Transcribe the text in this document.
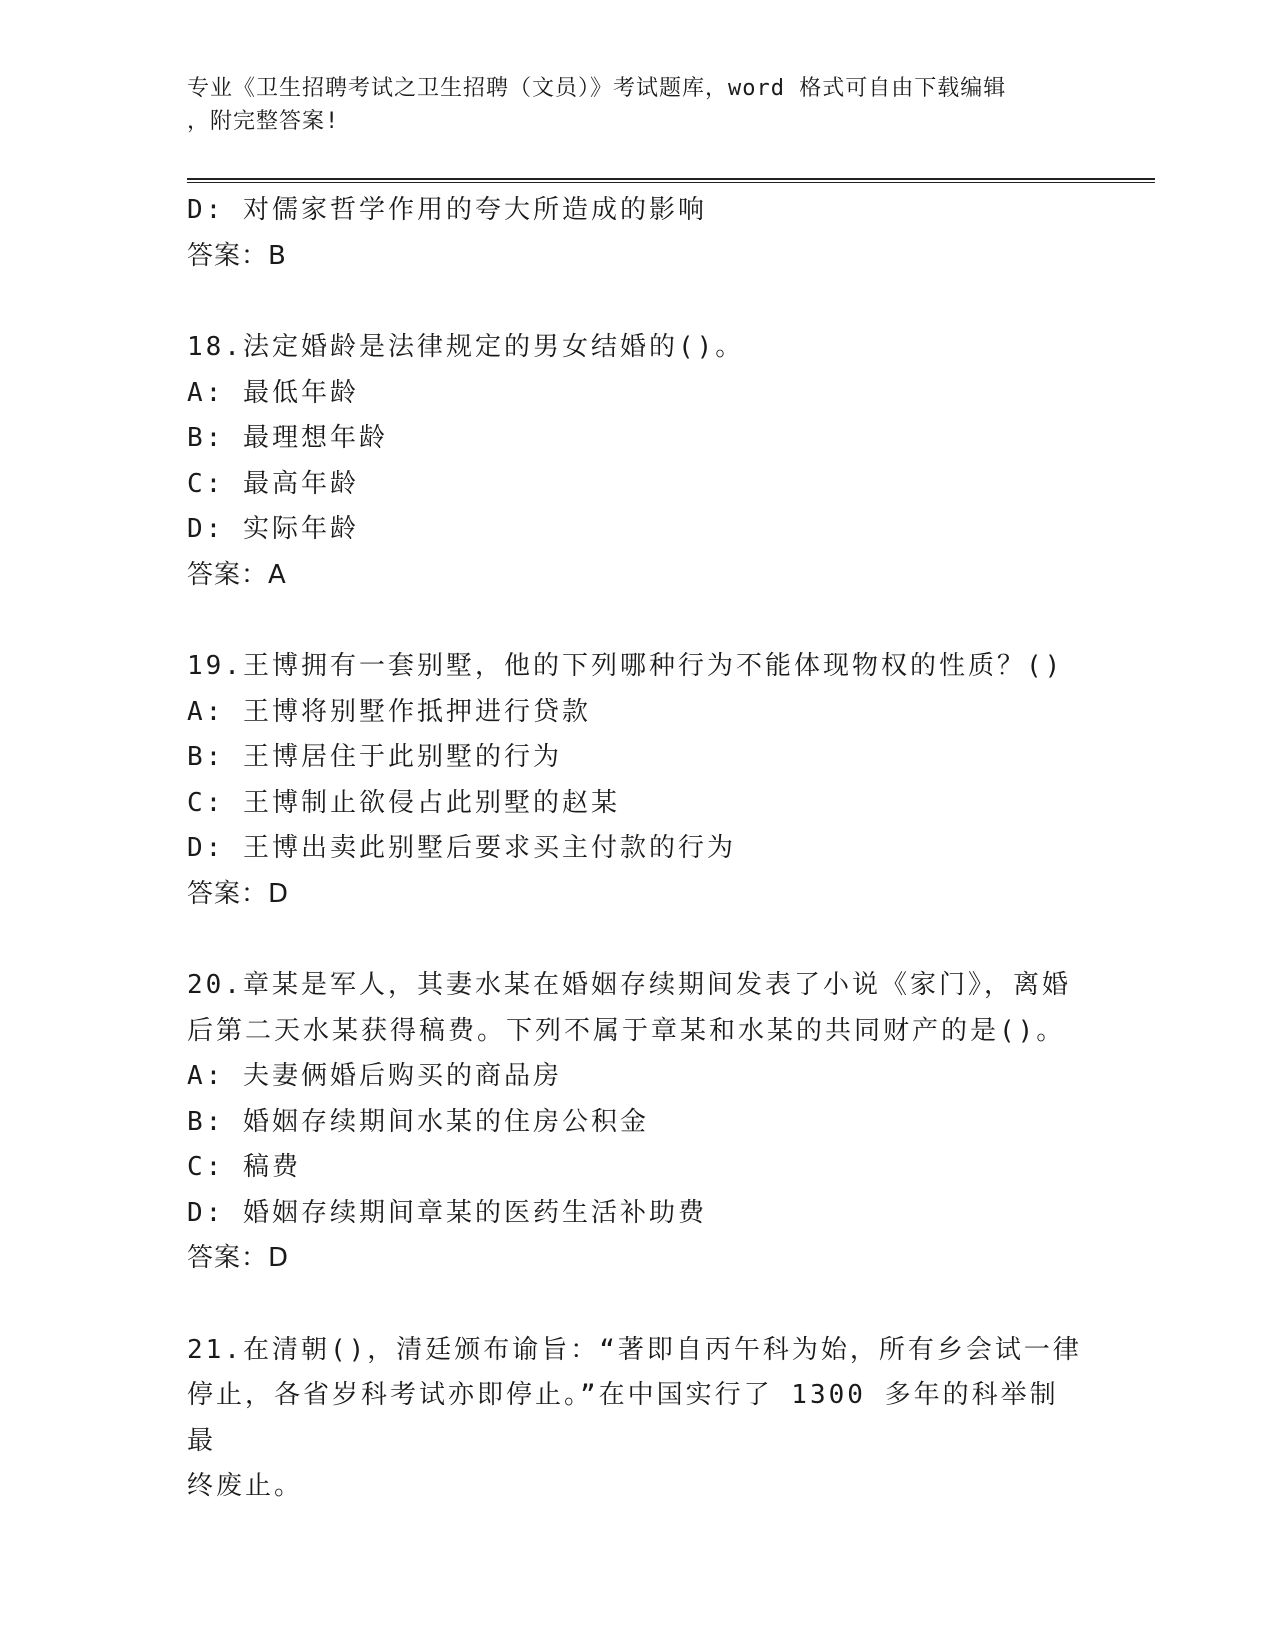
专业《卫生招聘考试之卫生招聘（文员）》考试题库，word 格式可自由下载编辑
，附完整答案!

D: 对儒家哲学作用的夸大所造成的影响

答案：B

18.法定婚龄是法律规定的男女结婚的()。

A: 最低年龄

B: 最理想年龄

C: 最高年龄

D: 实际年龄

答案：A

19.王博拥有一套别墅，他的下列哪种行为不能体现物权的性质？()

A: 王博将别墅作抵押进行贷款

B: 王博居住于此别墅的行为

C: 王博制止欲侵占此别墅的赵某

D: 王博出卖此别墅后要求买主付款的行为

答案：D

20.章某是军人，其妻水某在婚姻存续期间发表了小说《家门》，离婚

后第二天水某获得稿费。下列不属于章某和水某的共同财产的是()。

A: 夫妻俩婚后购买的商品房

B: 婚姻存续期间水某的住房公积金

C: 稿费

D: 婚姻存续期间章某的医药生活补助费

答案：D

21.在清朝()，清廷颁布谕旨：“著即自丙午科为始，所有乡会试一律

停止，各省岁科考试亦即停止。”在中国实行了 1300 多年的科举制最

终废止。
